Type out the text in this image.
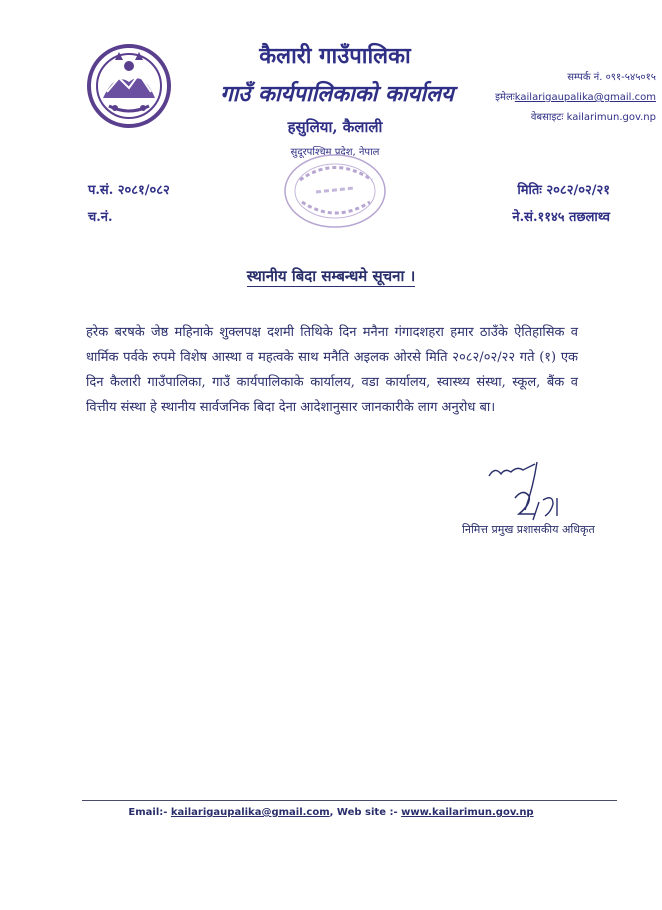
कैलारी गाउँपालिका
गाउँ कार्यपालिकाको कार्यालय
हसुलिया, कैलाली
सुदूरपश्चिम प्रदेश, नेपाल
सम्पर्क नं. ०९१-५४५०१५
इमेलःkailarigaupalika@gmail.com
वेबसाइटः kailarimun.gov.np
प.सं. २०८१/०८२
च.नं.
मितिः २०८२/०२/२१
ने.सं.११४५ तछलाथ्व
स्थानीय बिदा सम्बन्धमे सूचना ।
हरेक बरषके जेष्ठ महिनाके शुक्लपक्ष दशमी तिथिके दिन मनैना गंगादशहरा हमार ठाउँके ऐतिहासिक व धार्मिक पर्वके रुपमे विशेष आस्था व महत्वके साथ मनैति अइलक ओरसे मिति २०८२/०२/२२ गते (१) एक दिन कैलारी गाउँपालिका, गाउँ कार्यपालिकाके कार्यालय, वडा कार्यालय, स्वास्थ्य संस्था, स्कूल, बैंक व वित्तीय संस्था हे स्थानीय सार्वजनिक बिदा देना आदेशानुसार जानकारीके लाग अनुरोध बा।
निमित्त प्रमुख प्रशासकीय अधिकृत
Email:- kailarigaupalika@gmail.com, Web site :- www.kailarimun.gov.np
